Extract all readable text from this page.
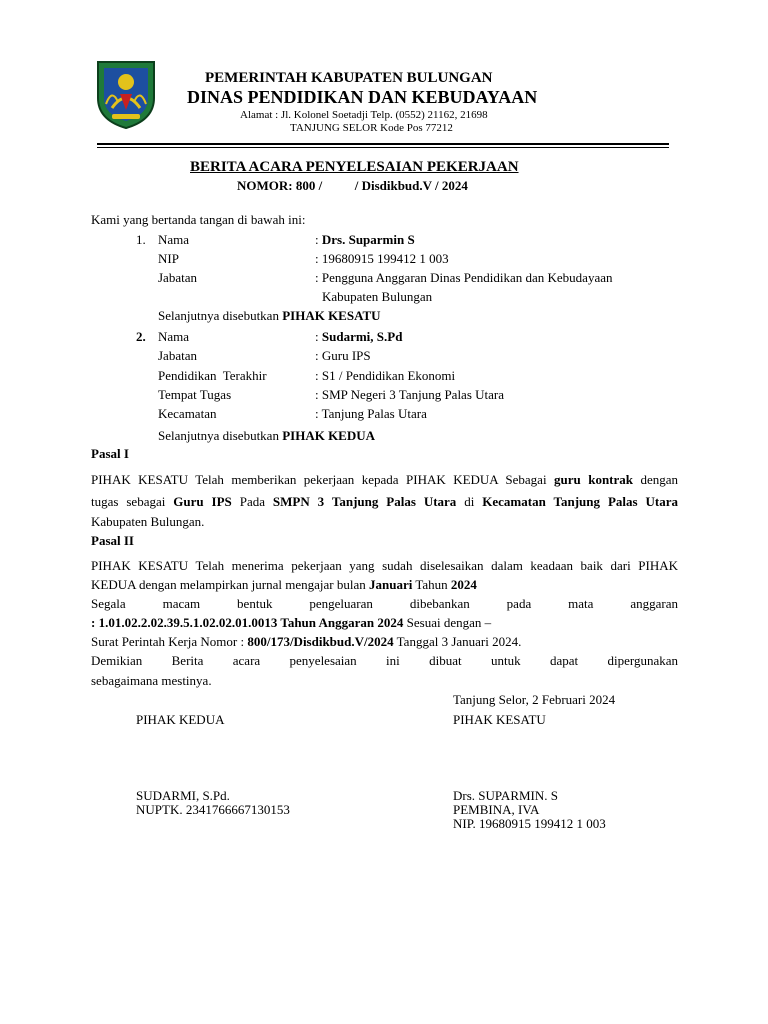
PEMERINTAH KABUPATEN BULUNGAN
DINAS PENDIDIKAN DAN KEBUDAYAAN
Alamat : Jl. Kolonel Soetadji Telp. (0552) 21162, 21698
TANJUNG SELOR Kode Pos 77212
BERITA ACARA PENYELESAIAN PEKERJAAN
NOMOR: 800 /          / Disdikbud.V / 2024
Kami yang bertanda tangan di bawah ini:
1. Nama	: Drs. Suparmin S
NIP	: 19680915 199412 1 003
Jabatan	: Pengguna Anggaran Dinas Pendidikan dan Kebudayaan
Kabupaten Bulungan
Selanjutnya disebutkan PIHAK KESATU
2. Nama	: Sudarmi, S.Pd
Jabatan	: Guru IPS
Pendidikan  Terakhir	: S1 / Pendidikan Ekonomi
Tempat Tugas	: SMP Negeri 3 Tanjung Palas Utara
Kecamatan	: Tanjung Palas Utara
Selanjutnya disebutkan PIHAK KEDUA
Pasal I
PIHAK KESATU Telah memberikan pekerjaan kepada PIHAK KEDUA Sebagai guru kontrak dengan
tugas sebagai Guru IPS Pada SMPN 3 Tanjung Palas Utara di Kecamatan Tanjung Palas Utara
Kabupaten Bulungan.
Pasal II
PIHAK KESATU Telah menerima pekerjaan yang sudah diselesaikan dalam keadaan baik dari PIHAK
KEDUA dengan melampirkan jurnal mengajar bulan Januari Tahun 2024
Segala macam bentuk pengeluaran dibebankan pada mata anggaran
: 1.01.02.2.02.39.5.1.02.02.01.0013 Tahun Anggaran 2024 Sesuai dengan –
Surat Perintah Kerja Nomor : 800/173/Disdikbud.V/2024 Tanggal 3 Januari 2024.
Demikian Berita acara penyelesaian ini dibuat untuk dapat dipergunakan
sebagaimana mestinya.
Tanjung Selor, 2 Februari 2024
PIHAK KEDUA	PIHAK KESATU
SUDARMI, S.Pd.
NUPTK. 2341766667130153
Drs. SUPARMIN. S
PEMBINA, IVA
NIP. 19680915 199412 1 003
